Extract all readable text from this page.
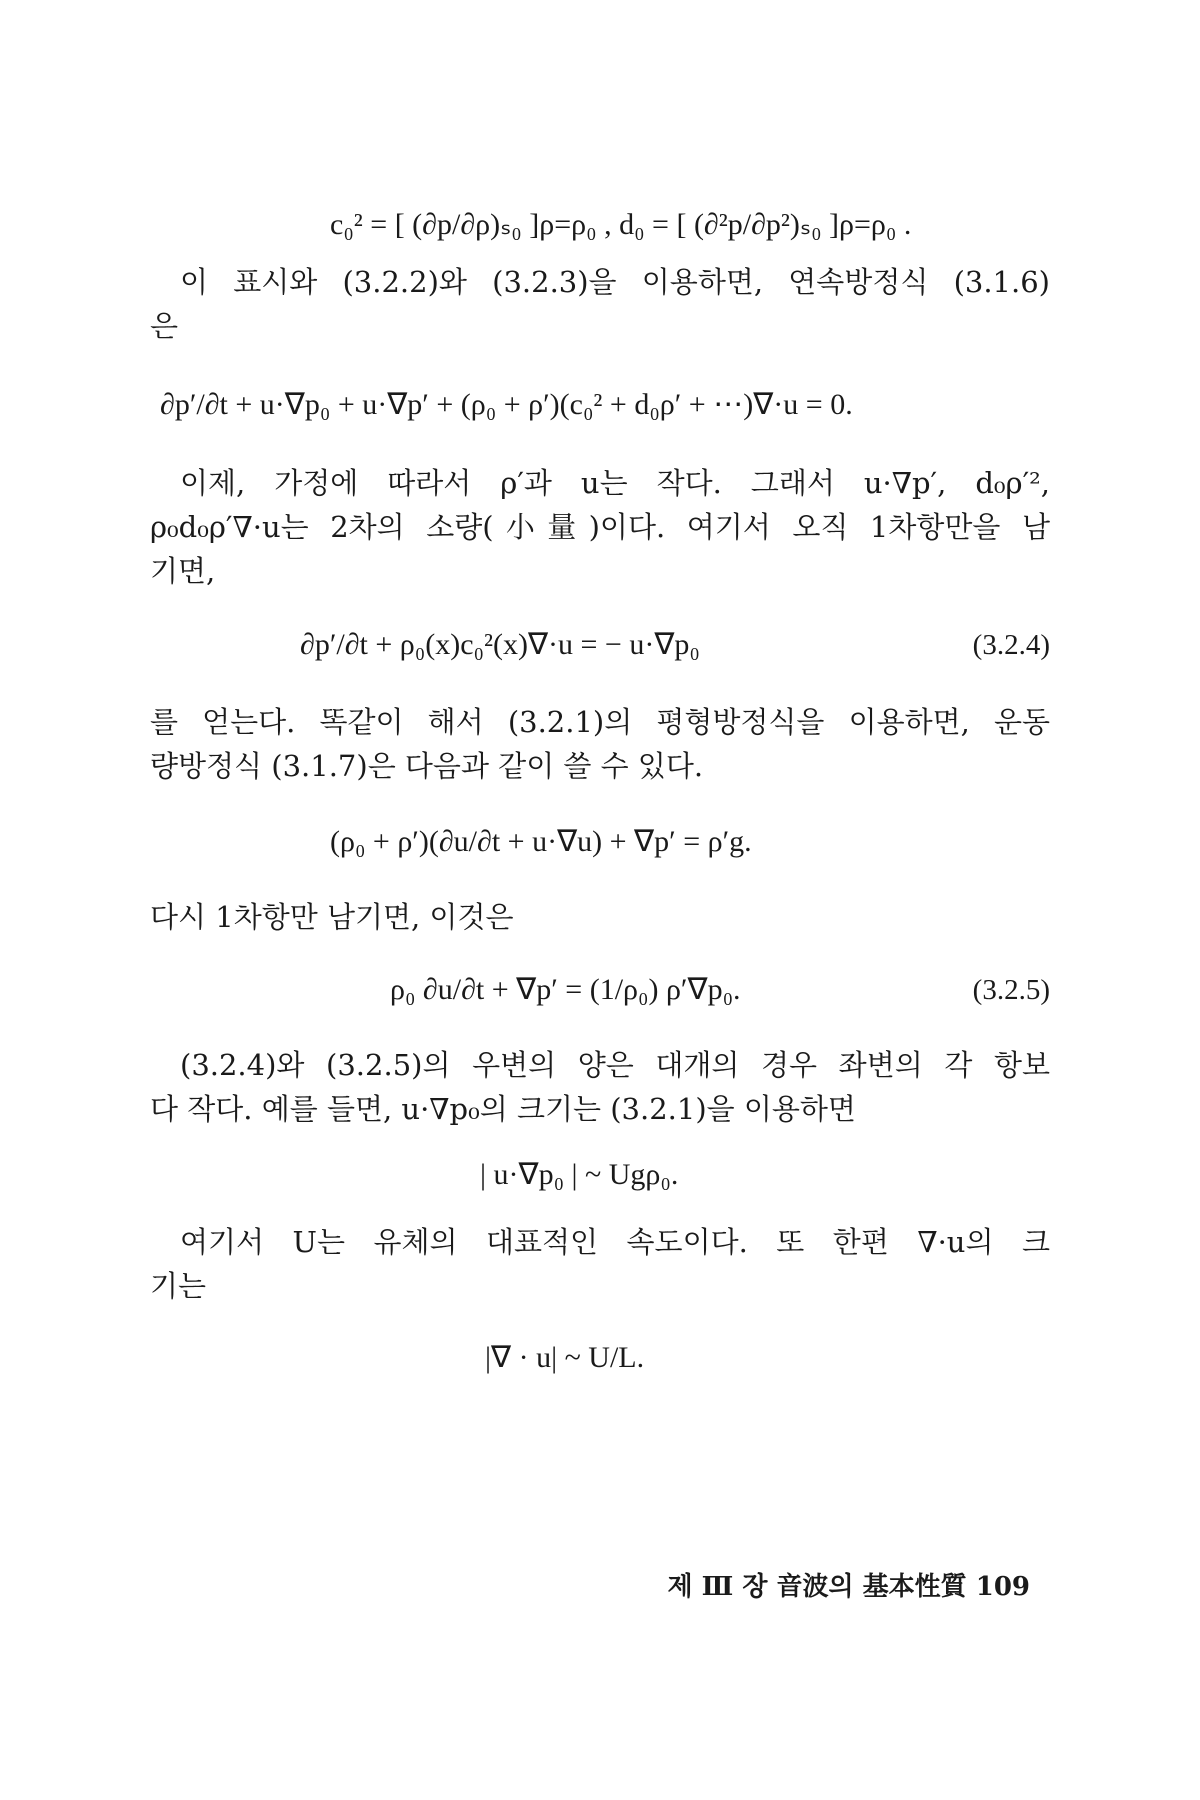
c₀² = [ (∂p/∂ρ)ₛ₀ ]ρ=ρ₀ , d₀ = [ (∂²p/∂p²)ₛ₀ ]ρ=ρ₀ .
이 표시와 (3.2.2)와 (3.2.3)을 이용하면, 연속방정식 (3.1.6)
은
∂p′/∂t + u·∇p₀ + u·∇p′ + (ρ₀ + ρ′)(c₀² + d₀ρ′ + ⋯)∇·u = 0.
이제, 가정에 따라서 ρ′과 u는 작다. 그래서 u·∇p′, d₀ρ′²,
ρ₀d₀ρ′∇·u는 2차의 소량(小量)이다. 여기서 오직 1차항만을 남
기면,
∂p′/∂t + ρ₀(x)c₀²(x)∇·u = − u·∇p₀	(3.2.4)
를 얻는다. 똑같이 해서 (3.2.1)의 평형방정식을 이용하면, 운동
량방정식 (3.1.7)은 다음과 같이 쓸 수 있다.
(ρ₀ + ρ′)(∂u/∂t + u·∇u) + ∇p′ = ρ′g.
다시 1차항만 남기면, 이것은
ρ₀ ∂u/∂t + ∇p′ = (1/ρ₀) ρ′∇p₀.	(3.2.5)
(3.2.4)와 (3.2.5)의 우변의 양은 대개의 경우 좌변의 각 항보
다 작다. 예를 들면, u·∇p₀의 크기는 (3.2.1)을 이용하면
| u·∇p₀ | ~ Ugρ₀.
여기서 U는 유체의 대표적인 속도이다. 또 한편 ∇·u의 크
기는
|∇ · u| ~ U/L.
제 Ⅲ 장 音波의 基本性質 109
